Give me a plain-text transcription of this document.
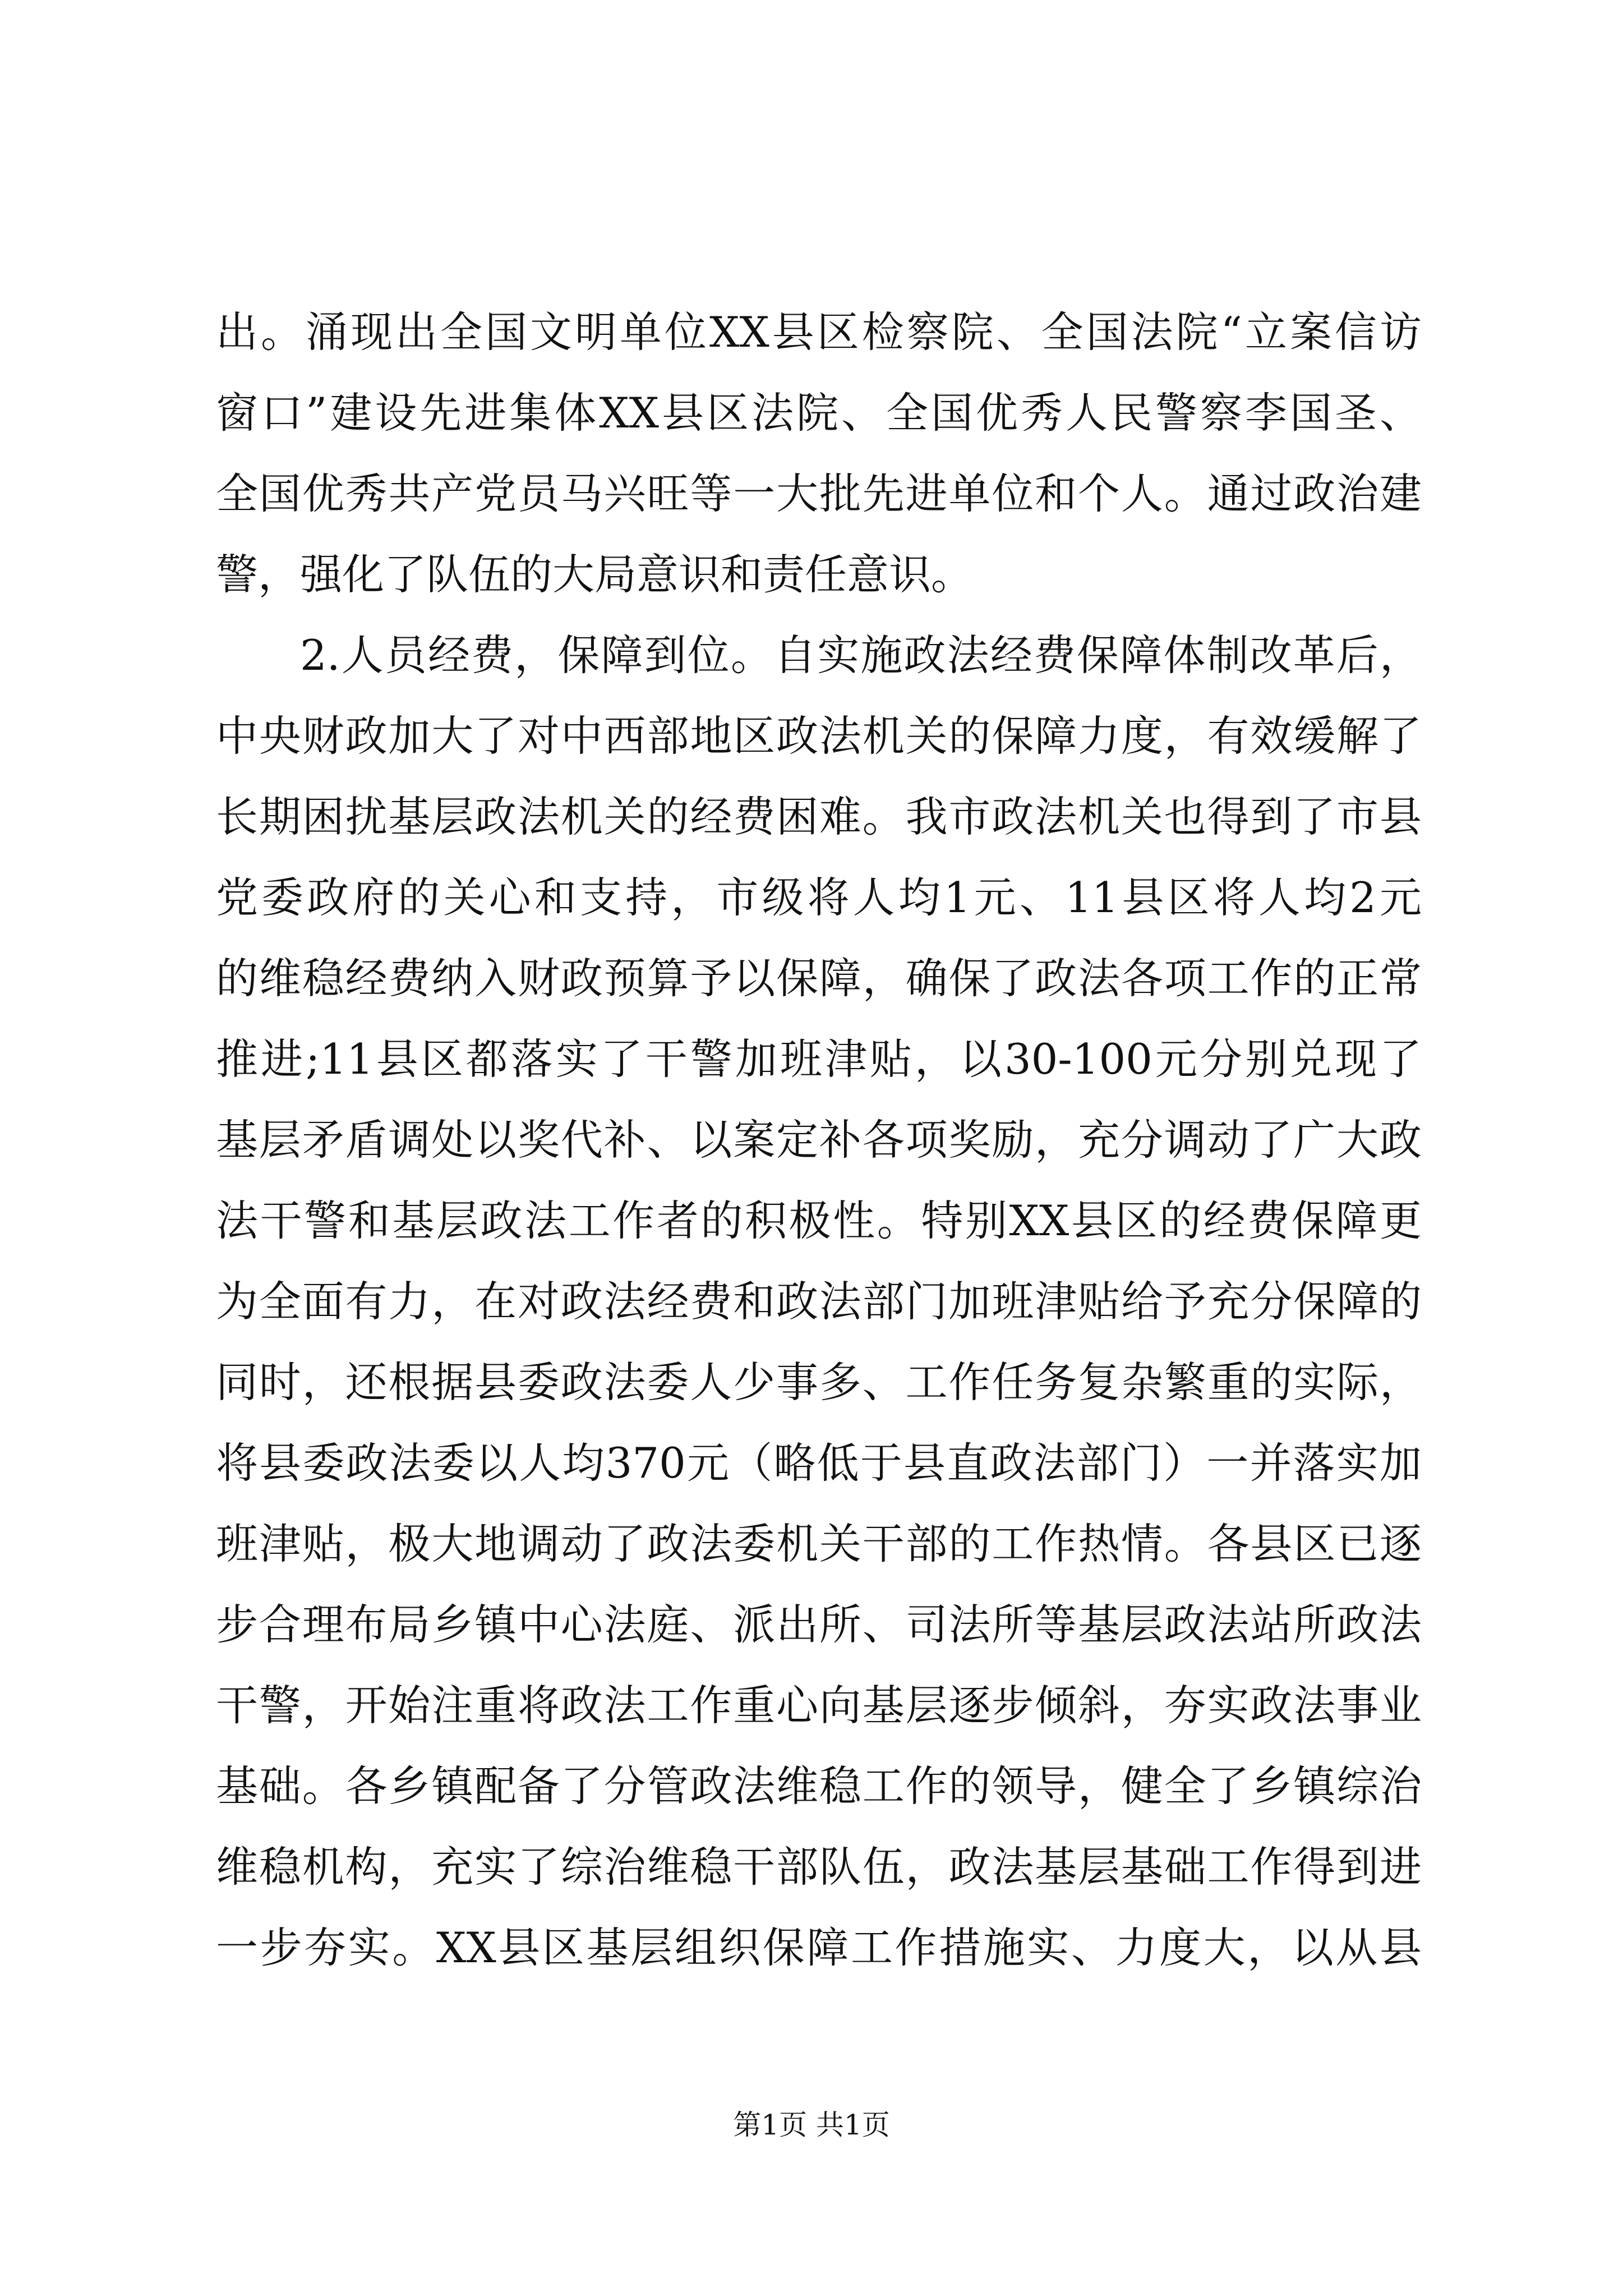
出。涌现出全国文明单位XX县区检察院、全国法院“立案信访
窗口”建设先进集体XX县区法院、全国优秀人民警察李国圣、
全国优秀共产党员马兴旺等一大批先进单位和个人。通过政治建
警，强化了队伍的大局意识和责任意识。
2.人员经费，保障到位。自实施政法经费保障体制改革后，
中央财政加大了对中西部地区政法机关的保障力度，有效缓解了
长期困扰基层政法机关的经费困难。我市政法机关也得到了市县
党委政府的关心和支持，市级将人均1元、11县区将人均2元
的维稳经费纳入财政预算予以保障，确保了政法各项工作的正常
推进;11县区都落实了干警加班津贴，以30-100元分别兑现了
基层矛盾调处以奖代补、以案定补各项奖励，充分调动了广大政
法干警和基层政法工作者的积极性。特别XX县区的经费保障更
为全面有力，在对政法经费和政法部门加班津贴给予充分保障的
同时，还根据县委政法委人少事多、工作任务复杂繁重的实际，
将县委政法委以人均370元（略低于县直政法部门）一并落实加
班津贴，极大地调动了政法委机关干部的工作热情。各县区已逐
步合理布局乡镇中心法庭、派出所、司法所等基层政法站所政法
干警，开始注重将政法工作重心向基层逐步倾斜，夯实政法事业
基础。各乡镇配备了分管政法维稳工作的领导，健全了乡镇综治
维稳机构，充实了综治维稳干部队伍，政法基层基础工作得到进
一步夯实。XX县区基层组织保障工作措施实、力度大，以从县
第1页 共1页
